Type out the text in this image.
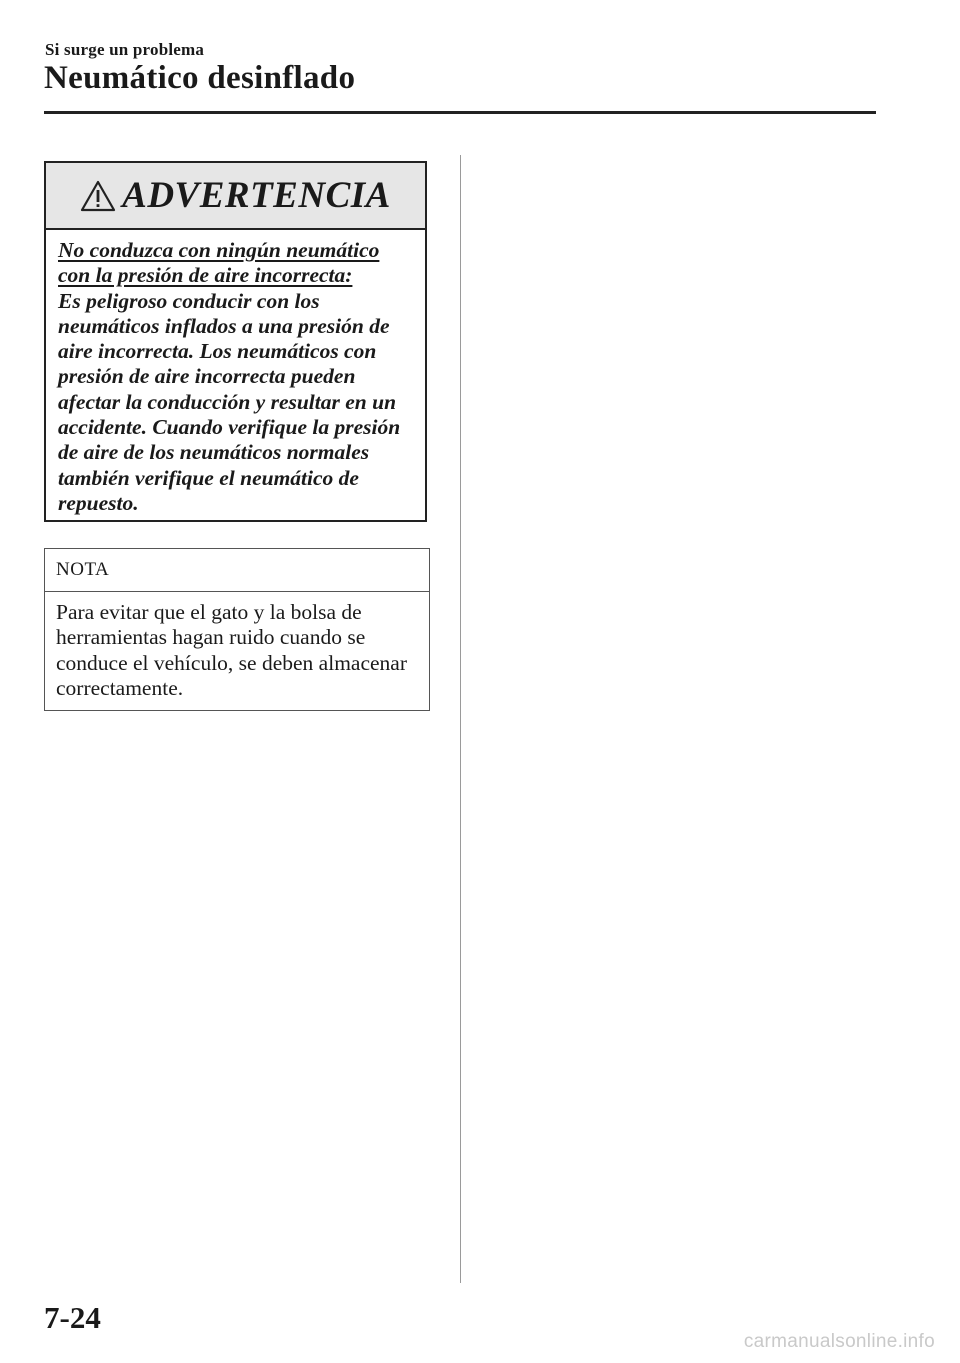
Si surge un problema
Neumático desinflado
ADVERTENCIA
No conduzca con ningún neumático con la presión de aire incorrecta:
Es peligroso conducir con los neumáticos inflados a una presión de aire incorrecta. Los neumáticos con presión de aire incorrecta pueden afectar la conducción y resultar en un accidente. Cuando verifique la presión de aire de los neumáticos normales también verifique el neumático de repuesto.
NOTA
Para evitar que el gato y la bolsa de herramientas hagan ruido cuando se conduce el vehículo, se deben almacenar correctamente.
7-24
carmanualsonline.info
